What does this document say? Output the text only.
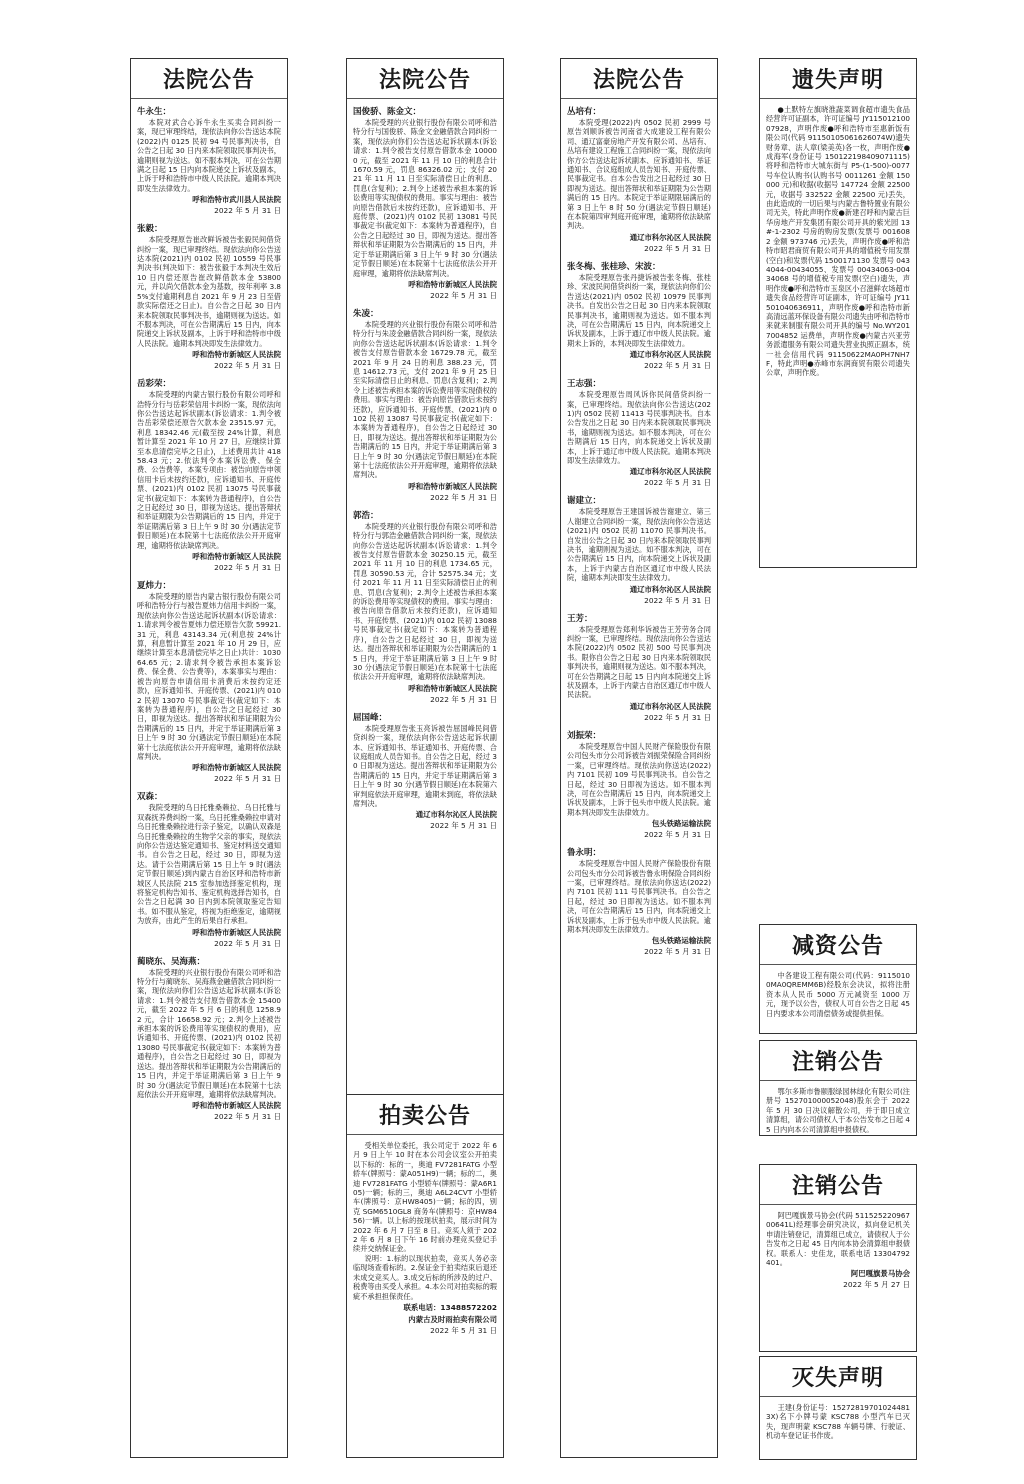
法院公告
牛永生：

本院对武合心诉牛永生买卖合同纠纷一案，现已审理终结，现依法向你公告送达本院(2022)内 0125 民初 94 号民事判决书，自公告之日起 30 日内来本院领取民事判决书，逾期则视为送达。如不服本判决，可在公告期满之日起 15 日内向本院递交上诉状及副本，上诉于呼和浩特市中级人民法院。逾期本判决即发生法律效力。

呼和浩特市武川县人民法院
2022 年 5 月 31 日
张毅：

本院受理原告崔改鲜诉被告张毅民间借贷纠纷一案，现已审理终结。现依法向你公告送达本院(2021)内 0102 民初 10559 号民事判决书(判决如下：被告张毅于本判决生效后 10 日内偿还原告崔改鲜借款本金 53800 元，并以尚欠借款本金为基数，按年利率 3.85%支付逾期利息自 2021 年 9 月 23 日至借款实际偿还之日止)。自公告之日起 30 日内来本院领取民事判决书，逾期则视为送达。如不服本判决，可在公告期满后 15 日内，向本院递交上诉状及副本，上诉于呼和浩特市中级人民法院。逾期本判决即发生法律效力。

呼和浩特市新城区人民法院
2022 年 5 月 31 日
岳彩荣：

本院受理的内蒙古银行股份有限公司呼和浩特分行与岳彩荣信用卡纠纷一案，现依法向你公告送达起诉状副本(诉讼请求：1.判令被告岳彩荣偿还原告欠款本金 23515.97 元，利息 18342.46 元(截至按 24%计算，利息暂计算至 2021 年 10 月 27 日，应继续计算至本息清偿完毕之日止)，上述费用共计 41858.43 元；2.依法判令本案诉讼费、保全费、公告费等，本案专项由：被告向原告申领信用卡后未按约还款)，应诉通知书、开庭传票、(2021)内 0102 民初 13075 号民事裁定书(裁定如下：本案转为普通程序)，自公告之日起经过 30 日，即视为送达。提出答辩状和举证期限为公告期满后的 15 日内，并定于举证期满后第 3 日上午 9 时 30 分(遇法定节假日顺延)在本院第十七法庭依法公开开庭审理，逾期将依法缺席判决。

呼和浩特市新城区人民法院
2022 年 5 月 31 日
夏炜力：

本院受理的原告内蒙古银行股份有限公司呼和浩特分行与被告夏炜力信用卡纠纷一案，现依法向你公告送达起诉状副本(诉讼请求：1.请求判令被告夏炜力偿还原告欠款 59921.31 元，利息 43143.34 元(利息按 24%计算，利息暂计算至 2021 年 10 月 29 日，应继续计算至本息清偿完毕之日止)共计：103064.65 元；2.请求判令被告承担本案诉讼费、保全费、公告费等)，本案事实与理由：被告向原告申请信用卡消费后未按约定还款)，应诉通知书、开庭传票、(2021)内 0102 民初 13070 号民事裁定书(裁定如下：本案转为普通程序)，自公告之日起经过 30 日，即视为送达。提出答辩状和举证期限为公告期满后的 15 日内，并定于举证期满后第 3 日上午 9 时 30 分(遇法定节假日顺延)在本院第十七法庭依法公开开庭审理，逾期将依法缺席判决。

呼和浩特市新城区人民法院
2022 年 5 月 31 日
双森：

我院受理的乌日托雅桑赖拉、乌日托雅与双森抚养费纠纷一案，乌日托雅桑赖拉申请对乌日托雅桑赖拉进行亲子鉴定，以确认双森是乌日托雅桑赖拉的生物学父亲的事实，现依法向你公告送达鉴定通知书、鉴定材料送交通知书。自公告之日起，经过 30 日，即视为送达。请于公告期满后第 15 日上午 9 时(遇法定节假日顺延)到内蒙古自治区呼和浩特市新城区人民法院 215 室参加选择鉴定机构，现将鉴定机构告知书、鉴定机构选择告知书，自公告之日起满 30 日内到本院领取鉴定告知书。如不服从鉴定，将视为拒绝鉴定，逾期视为放弃，由此产生的后果自行承担。

呼和浩特市新城区人民法院
2022 年 5 月 31 日
蔺晓东、吴海燕：

本院受理的兴业银行股份有限公司呼和浩特分行与蔺晓东、吴海燕金融借款合同纠纷一案，现依法向你们公告送达起诉状副本(诉讼请求：1.判令被告支付原告借款本金 15400 元，截至 2022 年 5 月 6 日的利息 1258.92 元，合计 16658.92 元；2.判令上述被告承担本案的诉讼费用等实现债权的费用)，应诉通知书、开庭传票、(2021)内 0102 民初 13080 号民事裁定书(裁定如下：本案转为普通程序)，自公告之日起经过 30 日，即视为送达。提出答辩状和举证期限为公告期满后的 15 日内，并定于举证期满后第 3 日上午 9 时 30 分(遇法定节假日顺延)在本院第十七法庭依法公开开庭审理，逾期将依法缺席判决。

呼和浩特市新城区人民法院
2022 年 5 月 31 日
法院公告
国俊骄、陈金文：

本院受理的兴业银行股份有限公司呼和浩特分行与国俊骄、陈金文金融借款合同纠纷一案，现依法向你们公告送达起诉状副本(诉讼请求：1.判令被告支付原告借款本金 100000 元，截至 2021 年 11 月 10 日的利息合计 1670.59 元，罚息 86326.02 元；支付 2021 年 11 月 11 日至实际清偿日止的利息、罚息(含复利)；2.判令上述被告承担本案的诉讼费用等实现债权的费用。事实与理由：被告向原告借款后未按约还款)，应诉通知书、开庭传票、(2021)内 0102 民初 13081 号民事裁定书(裁定如下：本案转为普通程序)，自公告之日起经过 30 日，即视为送达。提出答辩状和举证期限为公告期满后的 15 日内，并定于举证期满后第 3 日上午 9 时 30 分(遇法定节假日顺延)在本院第十七法庭依法公开开庭审理，逾期将依法缺席判决。

呼和浩特市新城区人民法院
2022 年 5 月 31 日
朱凌：

本院受理的兴业银行股份有限公司呼和浩特分行与朱凌金融借款合同纠纷一案，现依法向你公告送达起诉状副本(诉讼请求：1.判令被告支付原告借款本金 16729.78 元，截至 2021 年 9 月 24 日的利息 388.23 元，罚息 14612.73 元，支付 2021 年 9 月 25 日至实际清偿日止的利息、罚息(含复利)；2.判令上述被告承担本案的诉讼费用等实现债权的费用。事实与理由：被告向原告借款后未按约还款)，应诉通知书、开庭传票、(2021)内 0102 民初 13087 号民事裁定书(裁定如下：本案转为普通程序)，自公告之日起经过 30 日，即视为送达。提出答辩状和举证期限为公告期满后的 15 日内，并定于举证期满后第 3 日上午 9 时 30 分(遇法定节假日顺延)在本院第十七法庭依法公开开庭审理，逾期将依法缺席判决。

呼和浩特市新城区人民法院
2022 年 5 月 31 日
郭浩：

本院受理的兴业银行股份有限公司呼和浩特分行与郭浩金融借款合同纠纷一案，现依法向你公告送达起诉状副本(诉讼请求：1.判令被告支付原告借款本金 30250.15 元，截至 2021 年 11 月 10 日的利息 1734.65 元，罚息 30590.53 元，合计 52575.34 元；支付 2021 年 11 月 11 日至实际清偿日止的利息、罚息(含复利)；2.判令上述被告承担本案的诉讼费用等实现债权的费用。事实与理由：被告向原告借款后未按约还款)，应诉通知书、开庭传票、(2021)内 0102 民初 13088 号民事裁定书(裁定如下：本案转为普通程序)，自公告之日起经过 30 日，即视为送达。提出答辩状和举证期限为公告期满后的 15 日内，并定于举证期满后第 3 日上午 9 时 30 分(遇法定节假日顺延)在本院第十七法庭依法公开开庭审理，逾期将依法缺席判决。

呼和浩特市新城区人民法院
2022 年 5 月 31 日
屈国峰：

本院受理原告张玉亮诉被告屈国峰民间借贷纠纷一案，现依法向你公告送达起诉状副本、应诉通知书、举证通知书、开庭传票、合议庭组成人员告知书。自公告之日起，经过 30 日即视为送达。提出答辩状和举证期限为公告期满后的 15 日内，并定于举证期满后第 3 日上午 9 时 30 分(遇节假日顺延)在本院第六审判庭依法开庭审理，逾期未到庭，将依法缺席判决。

通辽市科尔沁区人民法院
2022 年 5 月 31 日
拍卖公告

受相关单位委托，我公司定于 2022 年 6 月 9 日上午 10 时在本公司会议室公开拍卖以下标的：标的一，奥迪 FV7281FATG 小型轿车(牌照号：蒙A051H9)一辆；标的二，奥迪 FV7281FATG 小型轿车(牌照号：蒙A6R105)一辆；标的三，奥迪 A6L24CVT 小型轿车(牌照号：京HW8405)一辆；标的四，别克 SGM6510GL8 商务车(牌照号：京HW8456)一辆。以上标的按现状拍卖，展示时间为 2022 年 6 月 7 日至 8 日。竞买人须于 2022 年 6 月 8 日下午 16 时前办理竞买登记手续并交纳保证金。

说明：1.标的以现状拍卖，竞买人务必亲临现场查看标的。2.保证金于拍卖结束后退还未成交竞买人。3.成交后标的所涉及的过户、税费等由买受人承担。4.本公司对拍卖标的瑕疵不承担担保责任。

联系电话：13488572202
内蒙古及时雨拍卖有限公司
2022 年 5 月 31 日
法院公告
丛培有：

本院受理(2022)内 0502 民初 2999 号原告刘顺诉被告河南省大成建设工程有限公司、通辽富豪房地产开发有限公司、丛培有、丛培有建设工程施工合同纠纷一案，现依法向你方公告送达起诉状副本、应诉通知书、举证通知书、合议庭组成人员告知书、开庭传票、民事裁定书。自本公告发出之日起经过 30 日即视为送达。提出答辩状和举证期限为公告期满后的 15 日内。本院定于举证期限届满后的第 3 日上午 8 时 50 分(遇法定节假日顺延)在本院第四审判庭开庭审理，逾期将依法缺席判决。

通辽市科尔沁区人民法院
2022 年 5 月 31 日
张冬梅、张桂珍、宋波：

本院受理原告张丹捷诉被告张冬梅、张桂珍、宋波民间借贷纠纷一案，现依法向你们公告送达(2021)内 0502 民初 10979 民事判决书。自发出公告之日起 30 日内来本院领取民事判决书，逾期则视为送达。如不服本判决，可在公告期满后 15 日内，向本院递交上诉状及副本，上诉于通辽市中级人民法院。逾期未上诉的，本判决即发生法律效力。

通辽市科尔沁区人民法院
2022 年 5 月 31 日
王志强：

本院受理原告周风诉你民间借贷纠纷一案，已审理终结。现依法向你公告送达(2021)内 0502 民初 11413 号民事判决书。自本公告发出之日起 30 日内来本院领取民事判决书，逾期则视为送达。如不服本判决，可在公告期满后 15 日内，向本院递交上诉状及副本，上诉于通辽市中级人民法院。逾期本判决即发生法律效力。

通辽市科尔沁区人民法院
2022 年 5 月 31 日
谢建立：

本院受理原告王建国诉被告谢建立、第三人谢建立合同纠纷一案，现依法向你公告送达(2021)内 0502 民初 11070 民事判决书。自发出公告之日起 30 日内来本院领取民事判决书，逾期则视为送达。如不服本判决，可在公告期满后 15 日内，向本院递交上诉状及副本，上诉于内蒙古自治区通辽市中级人民法院，逾期本判决即发生法律效力。

通辽市科尔沁区人民法院
2022 年 5 月 31 日
王芳：

本院受理原告郑利华诉被告王芳劳务合同纠纷一案，已审理终结。现依法向你公告送达本院(2022)内 0502 民初 500 号民事判决书。限你自公告之日起 30 日内来本院领取民事判决书，逾期则视为送达。如不服本判决，可在公告期满之日起 15 日内向本院递交上诉状及副本，上诉于内蒙古自治区通辽市中级人民法院。

通辽市科尔沁区人民法院
2022 年 5 月 31 日
刘振荣：

本院受理原告中国人民财产保险股份有限公司包头市分公司诉被告刘振荣保险合同纠纷一案，已审理终结。现依法向你送达(2022)内 7101 民初 109 号民事判决书。自公告之日起，经过 30 日即视为送达。如不服本判决，可在公告期满后 15 日内，向本院递交上诉状及副本，上诉于包头市中级人民法院。逾期本判决即发生法律效力。

包头铁路运输法院
2022 年 5 月 31 日
鲁永明：

本院受理原告中国人民财产保险股份有限公司包头市分公司诉被告鲁永明保险合同纠纷一案，已审理终结。现依法向你送达(2022)内 7101 民初 111 号民事判决书。自公告之日起，经过 30 日即视为送达。如不服本判决，可在公告期满后 15 日内，向本院递交上诉状及副本，上诉于包头市中级人民法院。逾期本判决即发生法律效力。

包头铁路运输法院
2022 年 5 月 31 日
遗失声明

●土默特左旗晓淮蔬菜调食超市遗失食品经营许可证副本，许可证编号 JY11501210007928，声明作废●呼和浩特市至惠新饭有限公司(代码 91150105061626074W)遗失财务章、法人章(梁美英)各一枚，声明作废●成海军(身份证号 150122198409071115)将呼和浩特市大城东街与 P5-(1-500)-0077 号车位认购书(认购书号 0011261 金额 150000 元)和收据(收据号 147724 金额 22500 元，收据号 332522 金额 22500 元)丢失，由此造成的一切后果与内蒙古鲁特置业有限公司无关，特此声明作废●新建召呼和内蒙古巨华房地产开发集团有限公司开具的紫光园 13#-1-2302 号房的购房发票(发票号 0016082 金额 973746 元)丢失，声明作废●呼和浩特市昭君商贸有限公司开具的增值税专用发票(空白)和发票代码 1500171130 发票号 0434044-00434055、发票号 00434063-00434068 号的增值税专用发票(空白)遗失，声明作废●呼和浩特市玉泉区小召滋鲜农场超市遗失食品经营许可证副本，许可证编号 JY11501040636911，声明作废●呼和浩特市新高清远蓝环保设备有限公司遗失由呼和浩特市来就来制服有限公司开具的编号 No.WY2017004852 运费单，声明作废●内蒙古兴亚劳务派遣服务有限公司遗失营业执照正副本，统一社会信用代码 91150622MA0PH7NH7F，特此声明●赤峰市东润商贸有限公司遗失公章，声明作废。

减资公告

中各建设工程有限公司(代码：91150100MA0QREMM6B)经股东会决议，拟将注册资本从人民币 5000 万元减资至 1000 万元，现予以公告，债权人可自公告之日起 45 日内要求本公司清偿债务或提供担保。

注销公告

鄂尔多斯市鲁颐服绿园林绿化有限公司(注册号 152701000052048)股东会于 2022 年 5 月 30 日决议解散公司，并于即日成立清算组，请公司债权人于本公告发布之日起 45 日内向本公司清算组申报债权。

注销公告

阿巴嘎旗景马协会(代码 51152522096700641L)经理事会研究决议，拟向登记机关申请注销登记，清算组已成立，请债权人于公告发布之日起 45 日内向本协会清算组申报债权。联系人：史佳龙，联系电话 13304792401。

阿巴嘎旗景马协会
2022 年 5 月 27 日
灭失声明

王建(身份证号：152728197010244813X)名下小牌号蒙 KSC788 小型汽车已灭失，现声明蒙 KSC788 车辆号牌、行驶证、机动车登记证书作废。
